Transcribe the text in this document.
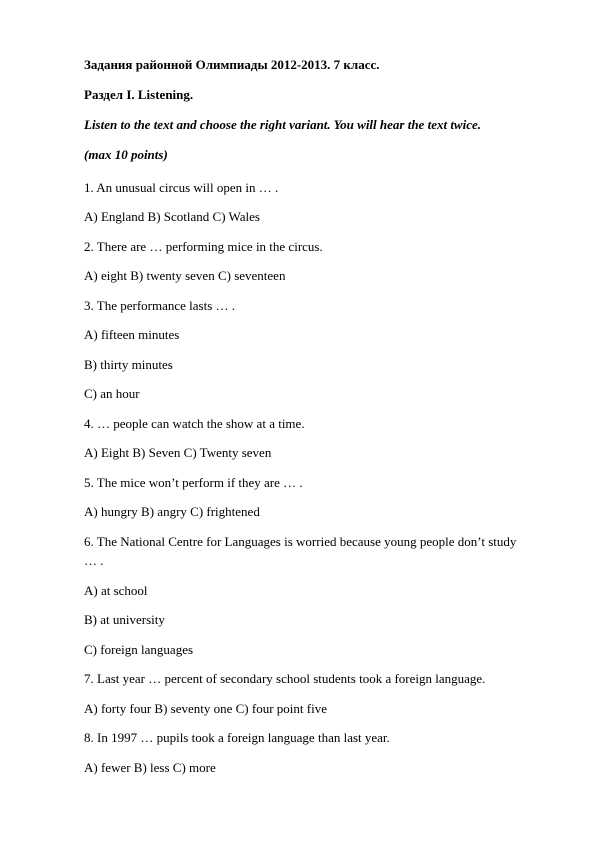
Задания районной Олимпиады 2012-2013. 7 класс.
Раздел I. Listening.
Listen to the text and choose the right variant. You will hear the text twice.
(max 10 points)
1. An unusual circus will open in … .
A) England B) Scotland C) Wales
2. There are … performing mice in the circus.
A) eight B) twenty seven C) seventeen
3. The performance lasts … .
A) fifteen minutes
B) thirty minutes
C) an hour
4. … people can watch the show at a time.
A) Eight B) Seven C) Twenty seven
5. The mice won’t perform if they are … .
A) hungry B) angry C) frightened
6. The National Centre for Languages is worried because young people don’t study
… .
A) at school
B) at university
C) foreign languages
7. Last year … percent of secondary school students took a foreign language.
A) forty four B) seventy one C) four point five
8. In 1997 … pupils took a foreign language than last year.
A) fewer B) less C) more
